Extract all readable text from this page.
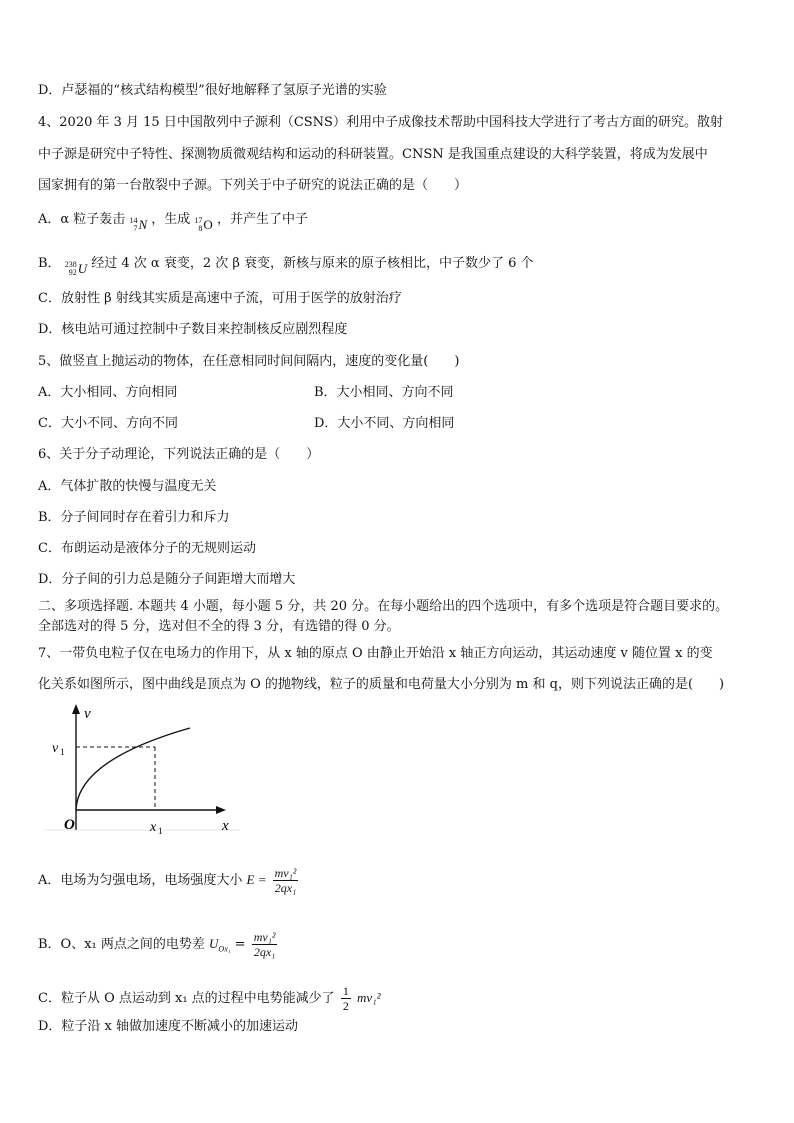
D．卢瑟福的“核式结构模型”很好地解释了氢原子光谱的实验
4、2020 年 3 月 15 日中国散列中子源利（CSNS）利用中子成像技术帮助中国科技大学进行了考古方面的研究。散射
中子源是研究中子特性、探测物质微观结构和运动的科研装置。CNSN 是我国重点建设的大科学装置，将成为发展中
国家拥有的第一台散裂中子源。下列关于中子研究的说法正确的是（　　）
A．α 粒子轰击 14
7 N ，生成 17
8 O ，并产生了中子
B． 238
92 U 经过 4 次 α 衰变，2 次 β 衰变，新核与原来的原子核相比，中子数少了 6 个
C．放射性 β 射线其实质是高速中子流，可用于医学的放射治疗
D．核电站可通过控制中子数目来控制核反应剧烈程度
5、做竖直上抛运动的物体，在任意相同时间间隔内，速度的变化量(　　)
A．大小相同、方向相同	B．大小相同、方向不同
C．大小不同、方向不同	D．大小不同、方向相同
6、关于分子动理论，下列说法正确的是（　　）
A．气体扩散的快慢与温度无关
B．分子间同时存在着引力和斥力
C．布朗运动是液体分子的无规则运动
D．分子间的引力总是随分子间距增大而增大
二、多项选择题. 本题共 4 小题，每小题 5 分，共 20 分。在每小题给出的四个选项中，有多个选项是符合题目要求的。
全部选对的得 5 分，选对但不全的得 3 分，有选错的得 0 分。
7、一带负电粒子仅在电场力的作用下，从 x 轴的原点 O 由静止开始沿 x 轴正方向运动，其运动速度 v 随位置 x 的变
化关系如图所示，图中曲线是顶点为 O 的抛物线，粒子的质量和电荷量大小分别为 m 和 q，则下列说法正确的是(　　)
v
x
O
v 1
x 1
A．电场为匀强电场，电场强度大小 $E = \frac{\text{mv₁²}}{\text{2qx₁}}$
B．O、x₁ 两点之间的电势差 $U_{Ox_1} = \frac{\text{mv₁²}}{\text{2qx₁}}$
C．粒子从 O 点运动到 x₁ 点的过程中电势能减少了 $\frac{1}{2} mv_1^2$
D．粒子沿 x 轴做加速度不断减小的加速运动
